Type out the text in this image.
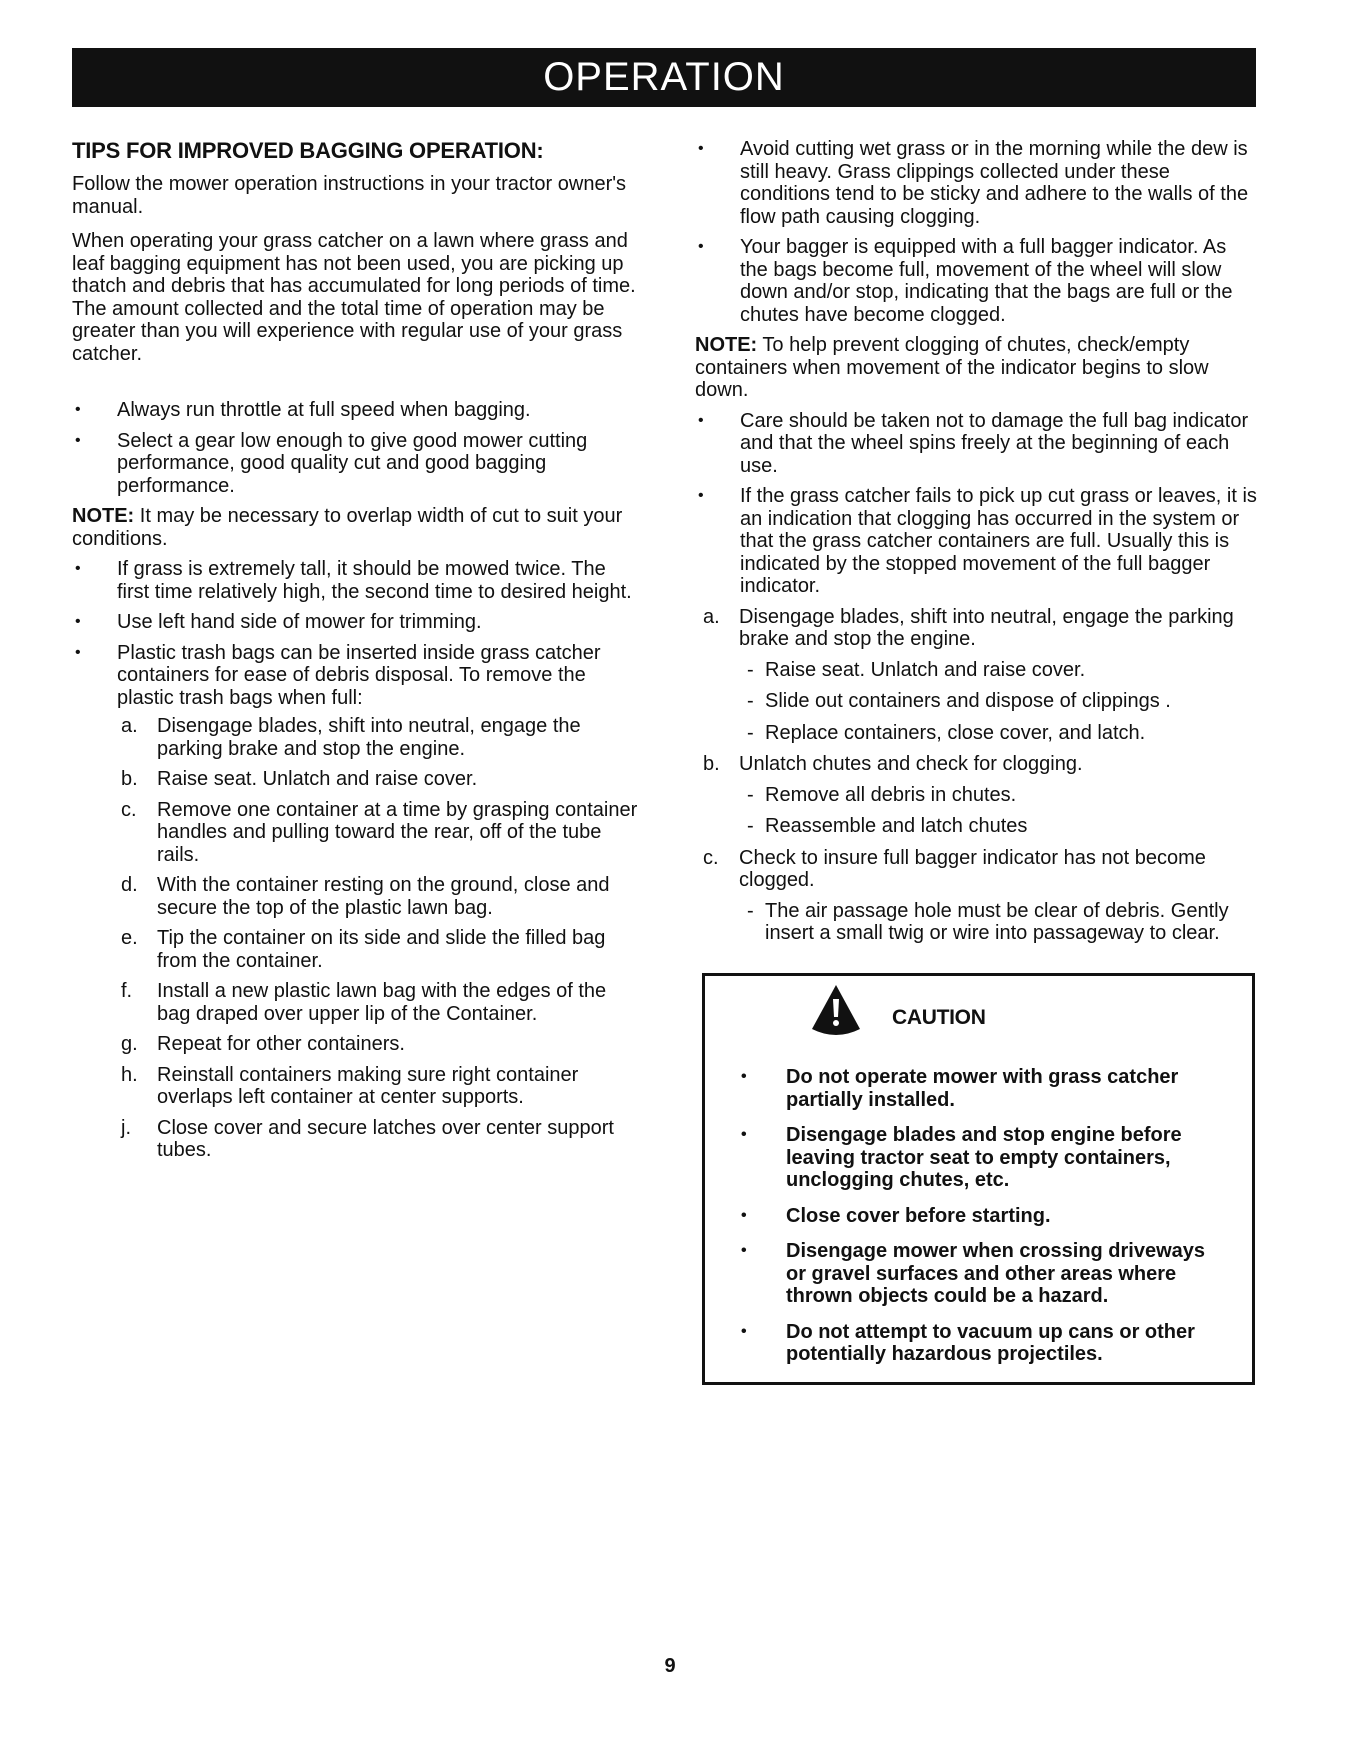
OPERATION
TIPS FOR IMPROVED BAGGING OPERATION:

Follow the mower operation instructions in your tractor owner's manual.

When operating your grass catcher on a lawn where grass and leaf bagging equipment has not been used, you are picking up thatch and debris that has accumulated for long periods of time. The amount collected and the total time of operation may be greater than you will experience with regular use of your grass catcher.

• Always run throttle at full speed when bagging.
• Select a gear low enough to give good mower cutting performance, good quality cut and good bagging performance.
NOTE: It may be necessary to overlap width of cut to suit your conditions.
• If grass is extremely tall, it should be mowed twice. The first time relatively high, the second time to desired height.
• Use left hand side of mower for trimming.
• Plastic trash bags can be inserted inside grass catcher containers for ease of debris disposal. To remove the plastic trash bags when full:
a. Disengage blades, shift into neutral, engage the parking brake and stop the engine.
b. Raise seat. Unlatch and raise cover.
c. Remove one container at a time by grasping container handles and pulling toward the rear, off of the tube rails.
d. With the container resting on the ground, close and secure the top of the plastic lawn bag.
e. Tip the container on its side and slide the filled bag from the container.
f. Install a new plastic lawn bag with the edges of the bag draped over upper lip of the Container.
g. Repeat for other containers.
h. Reinstall containers making sure right container overlaps left container at center supports.
j. Close cover and secure latches over center support tubes.
• Avoid cutting wet grass or in the morning while the dew is still heavy. Grass clippings collected under these conditions tend to be sticky and adhere to the walls of the flow path causing clogging.
• Your bagger is equipped with a full bagger indicator. As the bags become full, movement of the wheel will slow down and/or stop, indicating that the bags are full or the chutes have become clogged.
NOTE: To help prevent clogging of chutes, check/empty containers when movement of the indicator begins to slow down.
• Care should be taken not to damage the full bag indicator and that the wheel spins freely at the beginning of each use.
• If the grass catcher fails to pick up cut grass or leaves, it is an indication that clogging has occurred in the system or that the grass catcher containers are full. Usually this is indicated by the stopped movement of the full bagger indicator.
a. Disengage blades, shift into neutral, engage the parking brake and stop the engine.
- Raise seat. Unlatch and raise cover.
- Slide out containers and dispose of clippings .
- Replace containers, close cover, and latch.
b. Unlatch chutes and check for clogging.
- Remove all debris in chutes.
- Reassemble and latch chutes
c. Check to insure full bagger indicator has not become clogged.
- The air passage hole must be clear of debris. Gently insert a small twig or wire into passageway to clear.
CAUTION
• Do not operate mower with grass catcher partially installed.
• Disengage blades and stop engine before leaving tractor seat to empty containers, unclogging chutes, etc.
• Close cover before starting.
• Disengage mower when crossing driveways or gravel surfaces and other areas where thrown objects could be a hazard.
• Do not attempt to vacuum up cans or other potentially hazardous projectiles.
9
